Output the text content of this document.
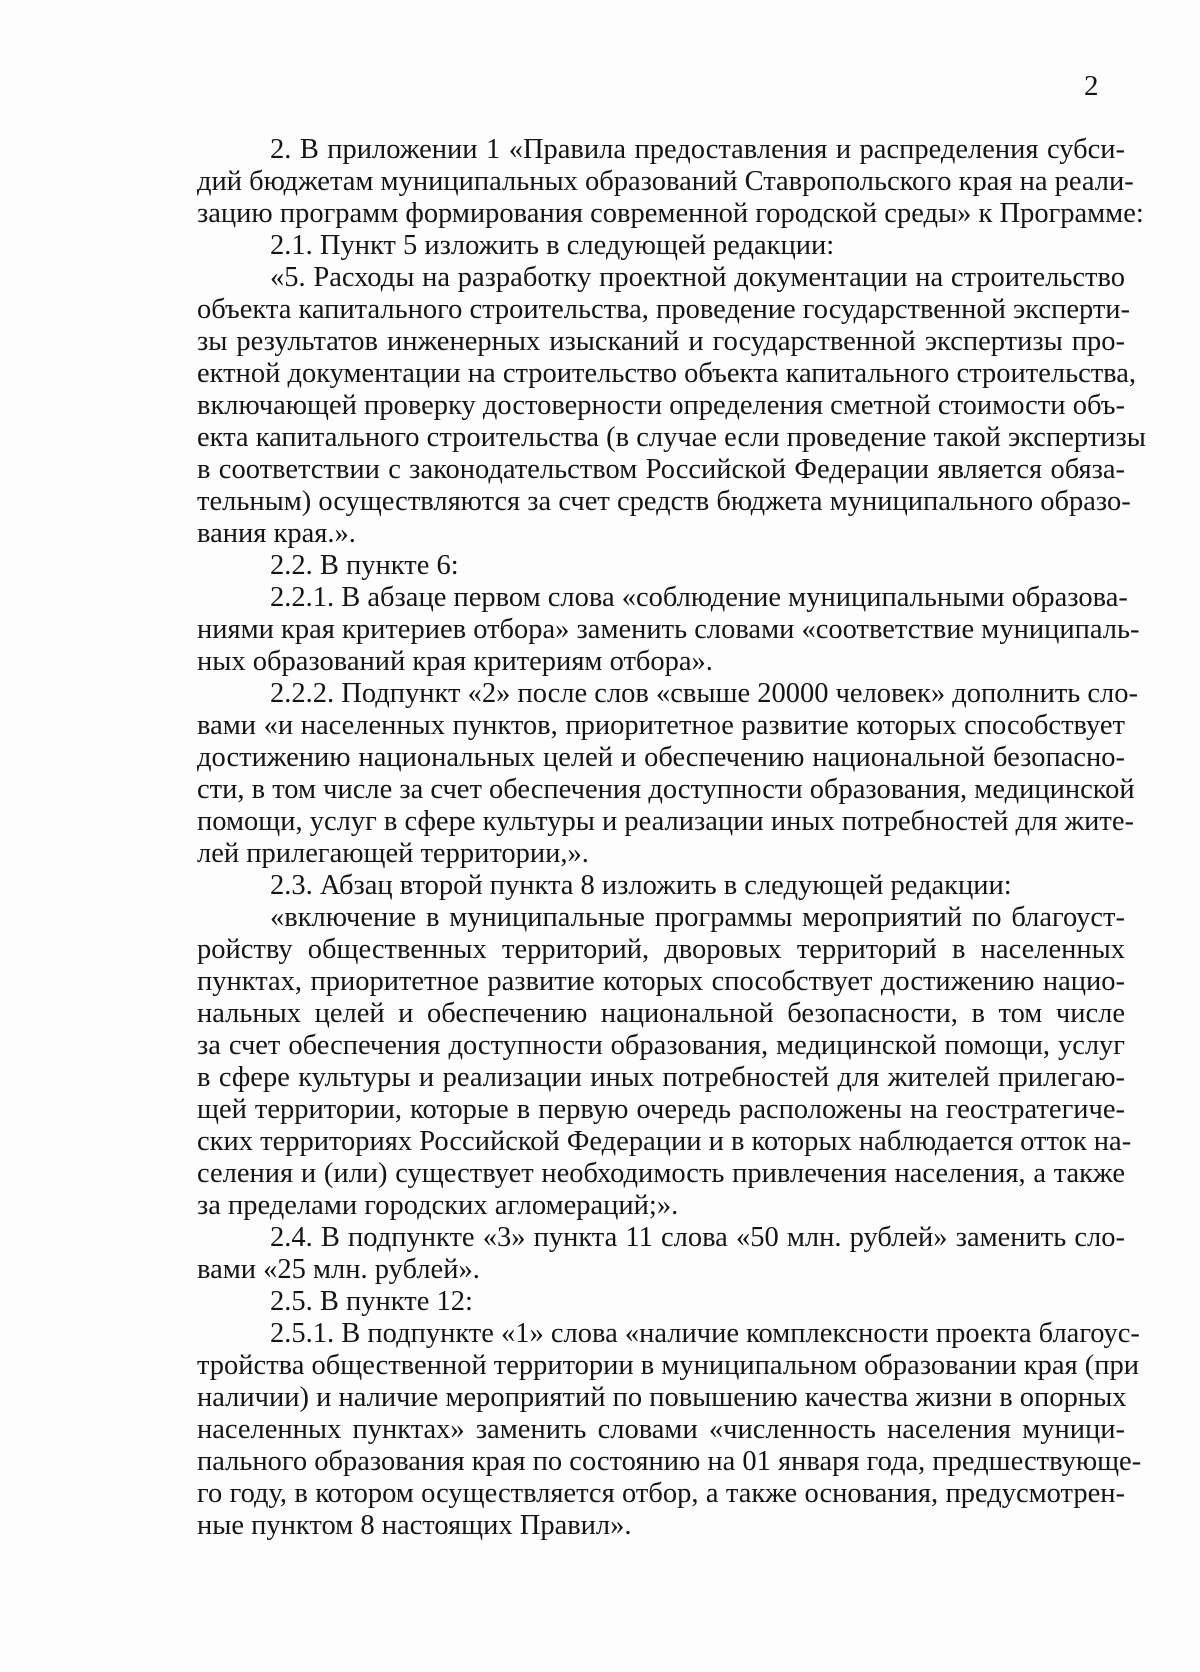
2
2. В приложении 1 «Правила предоставления и распределения субси-
дий бюджетам муниципальных образований Ставропольского края на реали-
зацию программ формирования современной городской среды» к Программе:
2.1. Пункт 5 изложить в следующей редакции:
«5. Расходы на разработку проектной документации на строительство
объекта капитального строительства, проведение государственной эксперти-
зы результатов инженерных изысканий и государственной экспертизы про-
ектной документации на строительство объекта капитального строительства,
включающей проверку достоверности определения сметной стоимости объ-
екта капитального строительства (в случае если проведение такой экспертизы
в соответствии с законодательством Российской Федерации является обяза-
тельным) осуществляются за счет средств бюджета муниципального образо-
вания края.».
2.2. В пункте 6:
2.2.1. В абзаце первом слова «соблюдение муниципальными образова-
ниями края критериев отбора» заменить словами «соответствие муниципаль-
ных образований края критериям отбора».
2.2.2. Подпункт «2» после слов «свыше 20000 человек» дополнить сло-
вами «и населенных пунктов, приоритетное развитие которых способствует
достижению национальных целей и обеспечению национальной безопасно-
сти, в том числе за счет обеспечения доступности образования, медицинской
помощи, услуг в сфере культуры и реализации иных потребностей для жите-
лей прилегающей территории,».
2.3. Абзац второй пункта 8 изложить в следующей редакции:
«включение в муниципальные программы мероприятий по благоуст-
ройству общественных территорий, дворовых территорий в населенных
пунктах, приоритетное развитие которых способствует достижению нацио-
нальных целей и обеспечению национальной безопасности, в том числе
за счет обеспечения доступности образования, медицинской помощи, услуг
в сфере культуры и реализации иных потребностей для жителей прилегаю-
щей территории, которые в первую очередь расположены на геостратегиче-
ских территориях Российской Федерации и в которых наблюдается отток на-
селения и (или) существует необходимость привлечения населения, а также
за пределами городских агломераций;».
2.4. В подпункте «3» пункта 11 слова «50 млн. рублей» заменить сло-
вами «25 млн. рублей».
2.5. В пункте 12:
2.5.1. В подпункте «1» слова «наличие комплексности проекта благоус-
тройства общественной территории в муниципальном образовании края (при
наличии) и наличие мероприятий по повышению качества жизни в опорных
населенных пунктах» заменить словами «численность населения муници-
пального образования края по состоянию на 01 января года, предшествующе-
го году, в котором осуществляется отбор, а также основания, предусмотрен-
ные пунктом 8 настоящих Правил».
